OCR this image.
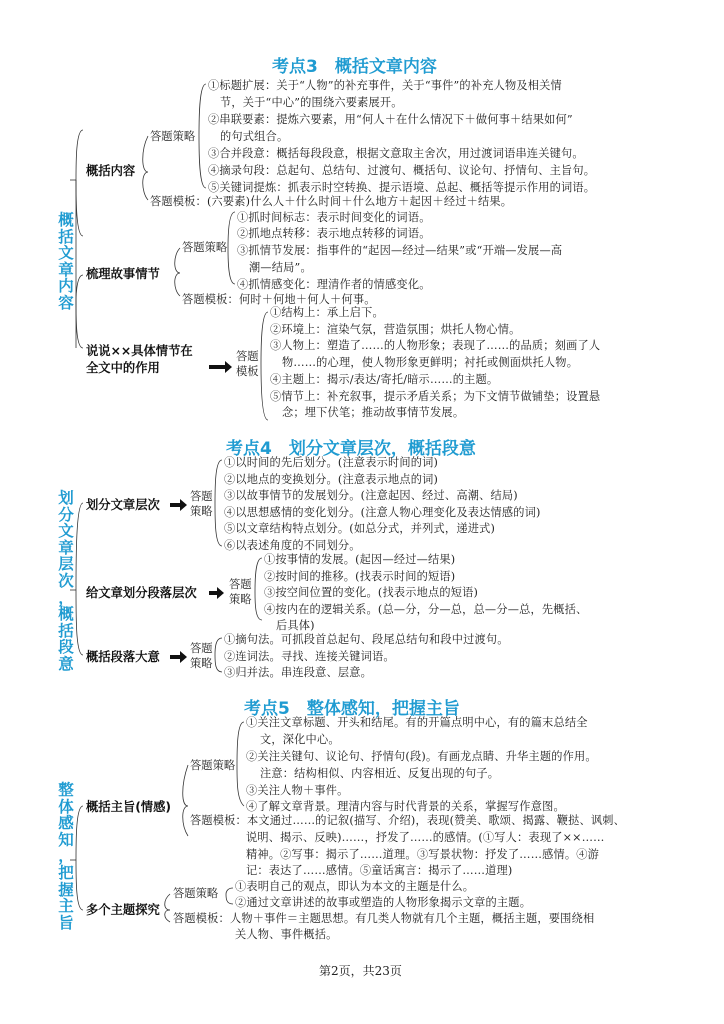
考点3　概括文章内容
概
括
文
章
内
容
概括内容
答题策略
①标题扩展：关于“人物”的补充事件，关于“事件”的补充人物及相关情
节，关于“中心”的围绕六要素展开。
②串联要素：提炼六要素，用“何人＋在什么情况下＋做何事＋结果如何”
的句式组合。
③合并段意：概括每段段意，根据文意取主舍次，用过渡词语串连关键句。
④摘录句段：总起句、总结句、过渡句、概括句、议论句、抒情句、主旨句。
⑤关键词提炼：抓表示时空转换、提示语境、总起、概括等提示作用的词语。
答题模板：(六要素)什么人＋什么时间＋什么地方＋起因＋经过＋结果。
梳理故事情节
答题策略
①抓时间标志：表示时间变化的词语。
②抓地点转移：表示地点转移的词语。
③抓情节发展：指事件的“起因—经过—结果”或“开端—发展—高
潮—结局”。
④抓情感变化：理清作者的情感变化。
答题模板：何时＋何地＋何人＋何事。
说说××具体情节在
全文中的作用
答题
模板
①结构上：承上启下。
②环境上：渲染气氛，营造氛围；烘托人物心情。
③人物上：塑造了……的人物形象；表现了……的品质；刻画了人
物……的心理，使人物形象更鲜明；衬托或侧面烘托人物。
④主题上：揭示/表达/寄托/暗示……的主题。
⑤情节上：补充叙事，提示矛盾关系；为下文情节做铺垫；设置悬
念；埋下伏笔；推动故事情节发展。
考点4　划分文章层次，概括段意
划
分
文
章
层
次
，
概
括
段
意
划分文章层次
答题
策略
①以时间的先后划分。(注意表示时间的词)
②以地点的变换划分。(注意表示地点的词)
③以故事情节的发展划分。(注意起因、经过、高潮、结局)
④以思想感情的变化划分。(注意人物心理变化及表达情感的词)
⑤以文章结构特点划分。(如总分式，并列式，递进式)
⑥以表述角度的不同划分。
给文章划分段落层次
答题
策略
①按事情的发展。(起因—经过—结果)
②按时间的推移。(找表示时间的短语)
③按空间位置的变化。(找表示地点的短语)
④按内在的逻辑关系。(总—分，分—总，总—分—总，先概括、
后具体)
概括段落大意
答题
策略
①摘句法。可抓段首总起句、段尾总结句和段中过渡句。
②连词法。寻找、连接关键词语。
③归并法。串连段意、层意。
考点5　整体感知，把握主旨
整
体
感
知
，
把
握
主
旨
概括主旨(情感)
答题策略
①关注文章标题、开头和结尾。有的开篇点明中心，有的篇末总结全
文，深化中心。
②关注关键句、议论句、抒情句(段)。有画龙点睛、升华主题的作用。
注意：结构相似、内容相近、反复出现的句子。
③关注人物＋事件。
④了解文章背景。理清内容与时代背景的关系，掌握写作意图。
答题模板：本文通过……的记叙(描写、介绍)，表现(赞美、歌颂、揭露、鞭挞、讽刺、
说明、揭示、反映)……，抒发了……的感情。(①写人：表现了××……
精神。②写事：揭示了……道理。③写景状物：抒发了……感情。④游
记：表达了……感情。⑤童话寓言：揭示了……道理)
多个主题探究
答题策略
①表明自己的观点，即认为本文的主题是什么。
②通过文章讲述的故事或塑造的人物形象揭示文章的主题。
答题模板：人物＋事件＝主题思想。有几类人物就有几个主题，概括主题，要围绕相
关人物、事件概括。
第2页，共23页
